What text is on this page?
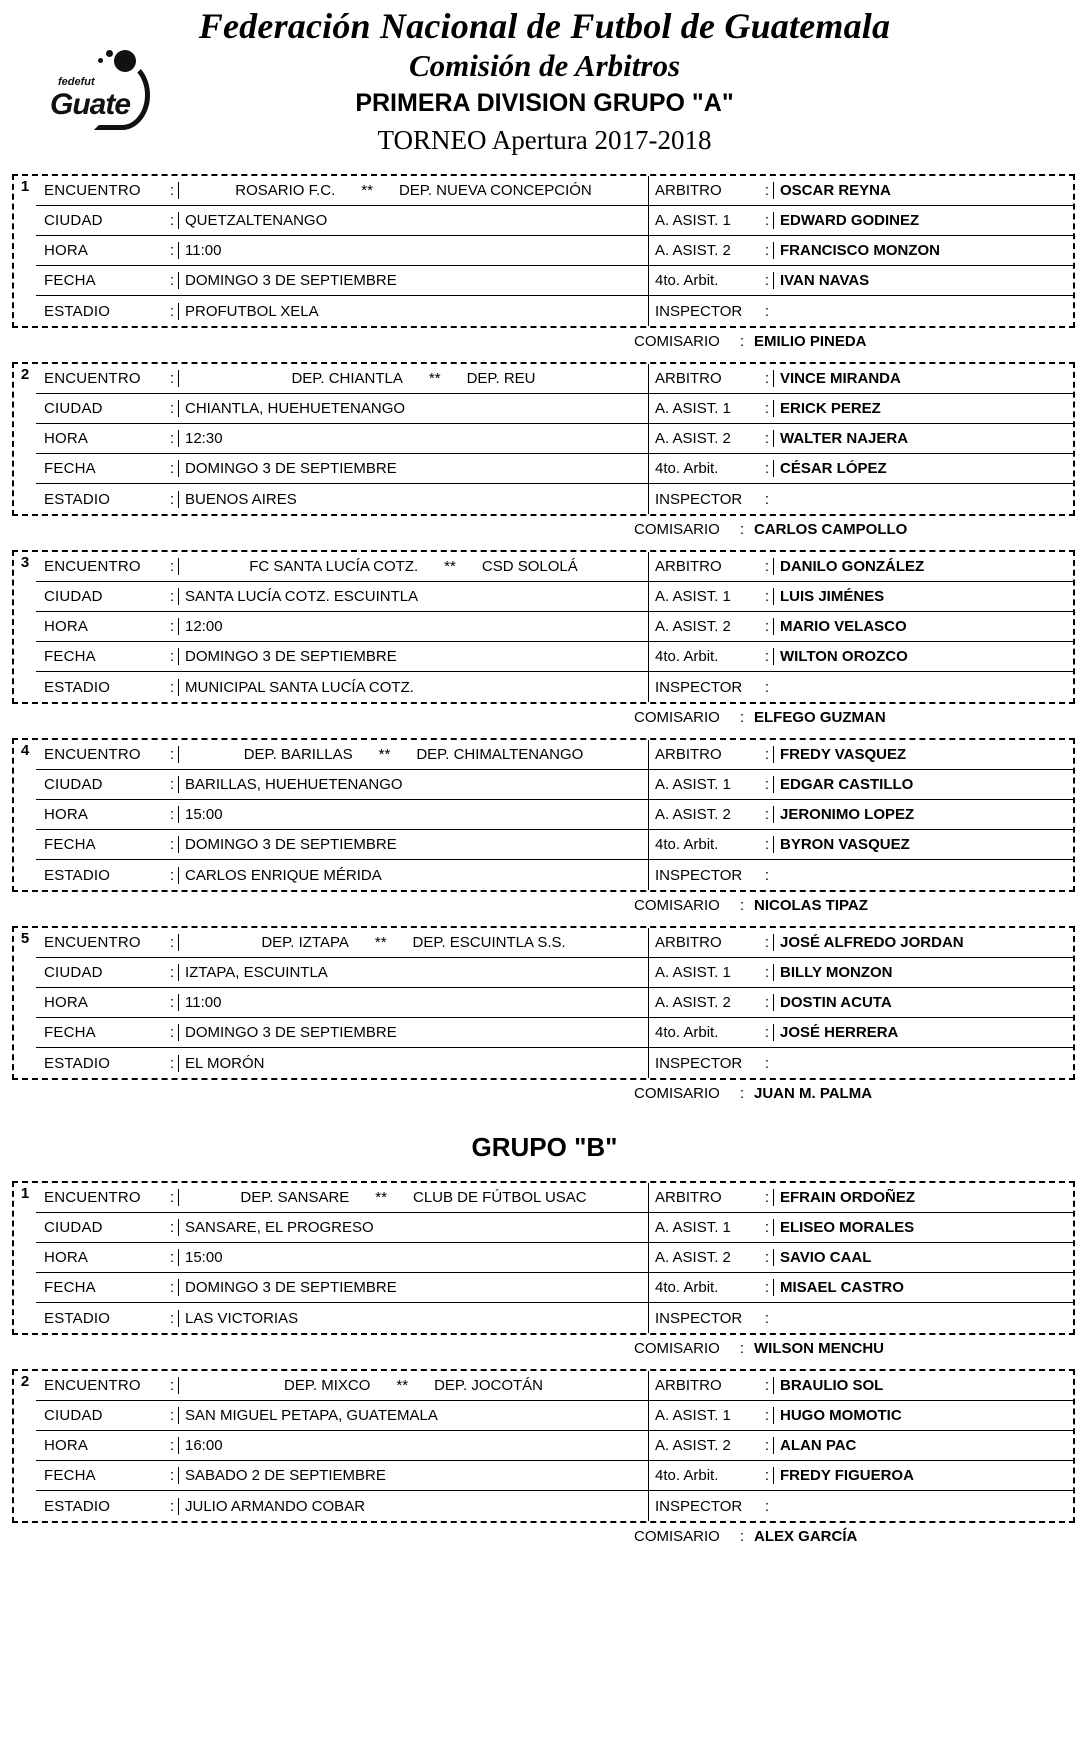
fedefut
Guate
Federación Nacional de Futbol de Guatemala
Comisión de Arbitros
PRIMERA DIVISION GRUPO "A"
TORNEO Apertura 2017-2018
1 ENCUENTRO	:	ROSARIO F.C. ** DEP. NUEVA CONCEPCIÓN
CIUDAD	: QUETZALTENANGO
HORA	: 11:00
FECHA	: DOMINGO 3 DE SEPTIEMBRE
ESTADIO	: PROFUTBOL XELA
ARBITRO	: OSCAR REYNA
A. ASIST. 1	: EDWARD GODINEZ
A. ASIST. 2	: FRANCISCO MONZON
4to. Arbit.	: IVAN NAVAS
INSPECTOR	:
COMISARIO	: EMILIO PINEDA
2 ENCUENTRO	:	DEP. CHIANTLA ** DEP. REU
CIUDAD	: CHIANTLA, HUEHUETENANGO
HORA	: 12:30
FECHA	: DOMINGO 3 DE SEPTIEMBRE
ESTADIO	: BUENOS AIRES
ARBITRO	: VINCE MIRANDA
A. ASIST. 1	: ERICK PEREZ
A. ASIST. 2	: WALTER NAJERA
4to. Arbit.	: CÉSAR LÓPEZ
INSPECTOR	:
COMISARIO	: CARLOS CAMPOLLO
3 ENCUENTRO	:	FC SANTA LUCÍA COTZ. ** CSD SOLOLÁ
CIUDAD	: SANTA LUCÍA COTZ. ESCUINTLA
HORA	: 12:00
FECHA	: DOMINGO 3 DE SEPTIEMBRE
ESTADIO	: MUNICIPAL SANTA LUCÍA COTZ.
ARBITRO	: DANILO GONZÁLEZ
A. ASIST. 1	: LUIS JIMÉNES
A. ASIST. 2	: MARIO VELASCO
4to. Arbit.	: WILTON OROZCO
INSPECTOR	:
COMISARIO	: ELFEGO GUZMAN
4 ENCUENTRO	:	DEP. BARILLAS ** DEP. CHIMALTENANGO
CIUDAD	: BARILLAS, HUEHUETENANGO
HORA	: 15:00
FECHA	: DOMINGO 3 DE SEPTIEMBRE
ESTADIO	: CARLOS ENRIQUE MÉRIDA
ARBITRO	: FREDY VASQUEZ
A. ASIST. 1	: EDGAR CASTILLO
A. ASIST. 2	: JERONIMO LOPEZ
4to. Arbit.	: BYRON VASQUEZ
INSPECTOR	:
COMISARIO	: NICOLAS TIPAZ
5 ENCUENTRO	:	DEP. IZTAPA ** DEP. ESCUINTLA S.S.
CIUDAD	: IZTAPA, ESCUINTLA
HORA	: 11:00
FECHA	: DOMINGO 3 DE SEPTIEMBRE
ESTADIO	: EL MORÓN
ARBITRO	: JOSÉ ALFREDO JORDAN
A. ASIST. 1	: BILLY MONZON
A. ASIST. 2	: DOSTIN ACUTA
4to. Arbit.	: JOSÉ HERRERA
INSPECTOR	:
COMISARIO	: JUAN M. PALMA
GRUPO "B"
1 ENCUENTRO	:	DEP. SANSARE ** CLUB DE FÚTBOL USAC
CIUDAD	: SANSARE, EL PROGRESO
HORA	: 15:00
FECHA	: DOMINGO 3 DE SEPTIEMBRE
ESTADIO	: LAS VICTORIAS
ARBITRO	: EFRAIN ORDOÑEZ
A. ASIST. 1	: ELISEO MORALES
A. ASIST. 2	: SAVIO CAAL
4to. Arbit.	: MISAEL CASTRO
INSPECTOR	:
COMISARIO	: WILSON MENCHU
2 ENCUENTRO	:	DEP. MIXCO ** DEP. JOCOTÁN
CIUDAD	: SAN MIGUEL PETAPA, GUATEMALA
HORA	: 16:00
FECHA	: SABADO 2 DE SEPTIEMBRE
ESTADIO	: JULIO ARMANDO COBAR
ARBITRO	: BRAULIO SOL
A. ASIST. 1	: HUGO MOMOTIC
A. ASIST. 2	: ALAN PAC
4to. Arbit.	: FREDY FIGUEROA
INSPECTOR	:
COMISARIO	: ALEX GARCÍA
